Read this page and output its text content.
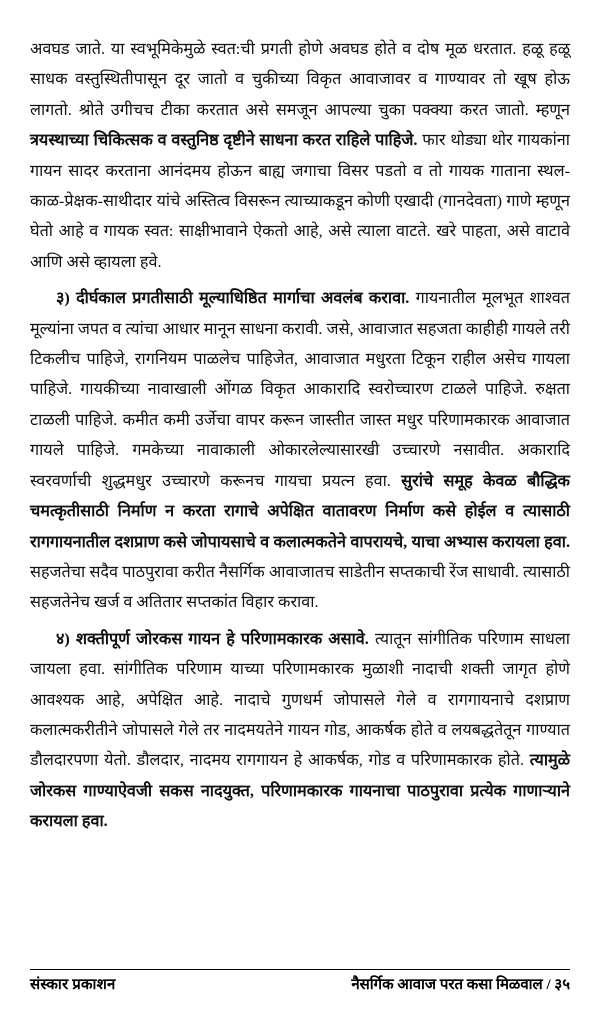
अवघड जाते. या स्वभूमिकेमुळे स्वत:ची प्रगती होणे अवघड होते व दोष मूळ धरतात. हळू हळू साधक वस्तुस्थितीपासून दूर जातो व चुकीच्या विकृत आवाजावर व गाण्यावर तो खूष होऊ लागतो. श्रोते उगीचच टीका करतात असे समजून आपल्या चुका पक्क्या करत जातो. म्हणून त्रयस्थाच्या चिकित्सक व वस्तुनिष्ठ दृष्टीने साधना करत राहिले पाहिजे. फार थोड्या थोर गायकांना गायन सादर करताना आनंदमय होऊन बाह्य जगाचा विसर पडतो व तो गायक गाताना स्थल-काळ-प्रेक्षक-साथीदार यांचे अस्तित्व विसरून त्याच्याकडून कोणी एखादी (गानदेवता) गाणे म्हणून घेतो आहे व गायक स्वत: साक्षीभावाने ऐकतो आहे, असे त्याला वाटते. खरे पाहता, असे वाटावे आणि असे व्हायला हवे.

३) दीर्घकाल प्रगतीसाठी मूल्याधिष्ठित मार्गाचा अवलंब करावा. गायनातील मूलभूत शाश्वत मूल्यांना जपत व त्यांचा आधार मानून साधना करावी. जसे, आवाजात सहजता काहीही गायले तरी टिकलीच पाहिजे, रागनियम पाळलेच पाहिजेत, आवाजात मधुरता टिकून राहील असेच गायला पाहिजे. गायकीच्या नावाखाली ओंगळ विकृत आकारादि स्वरोच्चारण टाळले पाहिजे. रुक्षता टाळली पाहिजे. कमीत कमी उर्जेचा वापर करून जास्तीत जास्त मधुर परिणामकारक आवाजात गायले पाहिजे. गमकेच्या नावाकाली ओकारलेल्यासारखी उच्चारणे नसावीत. अकारादि स्वरवर्णाची शुद्धमधुर उच्चारणे करूनच गायचा प्रयत्न हवा. सुरांचे समूह केवळ बौद्धिक चमत्कृतीसाठी निर्माण न करता रागाचे अपेक्षित वातावरण निर्माण कसे होईल व त्यासाठी रागगायनातील दशप्राण कसे जोपायसाचे व कलात्मकतेने वापरायचे, याचा अभ्यास करायला हवा. सहजतेचा सदैव पाठपुरावा करीत नैसर्गिक आवाजातच साडेतीन सप्तकाची रेंज साधावी. त्यासाठी सहजतेनेच खर्ज व अतितार सप्तकांत विहार करावा.

४) शक्तीपूर्ण जोरकस गायन हे परिणामकारक असावे. त्यातून सांगीतिक परिणाम साधला जायला हवा. सांगीतिक परिणाम याच्या परिणामकारक मुळाशी नादाची शक्ती जागृत होणे आवश्यक आहे, अपेक्षित आहे. नादाचे गुणधर्म जोपासले गेले व रागगायनाचे दशप्राण कलात्मकरीतीने जोपासले गेले तर नादमयतेने गायन गोड, आकर्षक होते व लयबद्धतेतून गाण्यात डौलदारपणा येतो. डौलदार, नादमय रागगायन हे आकर्षक, गोड व परिणामकारक होते. त्यामुळे जोरकस गाण्याऐवजी सकस नादयुक्त, परिणामकारक गायनाचा पाठपुरावा प्रत्येक गाणाऱ्याने करायला हवा.

संस्कार प्रकाशन	नैसर्गिक आवाज परत कसा मिळवाल / ३५
